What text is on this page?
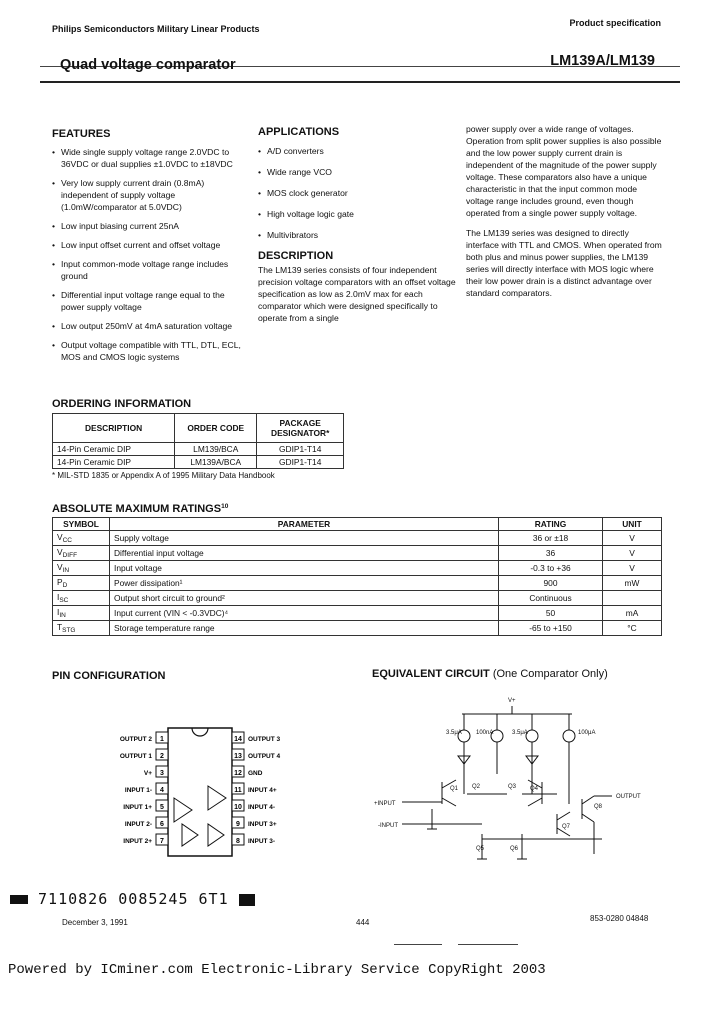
Philips Semiconductors Military Linear Products
Product specification
Quad voltage comparator	LM139A/LM139
FEATURES
• Wide single supply voltage range 2.0VDC to 36VDC or dual supplies ±1.0VDC to ±18VDC
• Very low supply current drain (0.8mA) independent of supply voltage (1.0mW/comparator at 5.0VDC)
• Low input biasing current 25nA
• Low input offset current and offset voltage
• Input common-mode voltage range includes ground
• Differential input voltage range equal to the power supply voltage
• Low output 250mV at 4mA saturation voltage
• Output voltage compatible with TTL, DTL, ECL, MOS and CMOS logic systems
APPLICATIONS
• A/D converters
• Wide range VCO
• MOS clock generator
• High voltage logic gate
• Multivibrators
DESCRIPTION

The LM139 series consists of four independent precision voltage comparators with an offset voltage specification as low as 2.0mV max for each comparator which were designed specifically to operate from a single

power supply over a wide range of voltages. Operation from split power supplies is also possible and the low power supply current drain is independent of the magnitude of the power supply voltage. These comparators also have a unique characteristic in that the input common mode voltage range includes ground, even though operated from a single power supply voltage.

The LM139 series was designed to directly interface with TTL and CMOS. When operated from both plus and minus power supplies, the LM139 series will directly interface with MOS logic where their low power drain is a distinct advantage over standard comparators.

ORDERING INFORMATION
DESCRIPTION	ORDER CODE	PACKAGE DESIGNATOR*
14-Pin Ceramic DIP	LM139/BCA	GDIP1-T14
14-Pin Ceramic DIP	LM139A/BCA	GDIP1-T14
* MIL-STD 1835 or Appendix A of 1995 Military Data Handbook
ABSOLUTE MAXIMUM RATINGS$^{10}$
SYMBOL	PARAMETER	RATING	UNIT
$V_{CC}$	Supply voltage	36 or ±18	V
$V_{DIFF}$	Differential input voltage	36	V
$V_{IN}$	Input voltage	-0.3 to +36	V
$P_D$	Power dissipation¹	900	mW
$I_{SC}$	Output short circuit to ground²	Continuous	
$I_{IN}$	Input current (VIN < -0.3VDC)⁴	50	mA
$T_{STG}$	Storage temperature range	-65 to +150	°C
PIN CONFIGURATION
1
OUTPUT 2
2
OUTPUT 1
3
V+
4
INPUT 1-
5
INPUT 1+
6
INPUT 2-
7
INPUT 2+
14 OUTPUT 3
13 OUTPUT 4
12 GND
11 INPUT 4+
10 INPUT 4-
9 INPUT 3+
8 INPUT 3-
EQUIVALENT CIRCUIT (One Comparator Only)
V+
3.5μA 100nA	3.5μA	100μA
+INPUT
-INPUT
OUTPUT
Q1 Q2	Q3 Q4
Q5	Q6
Q7
Q8
7110826 0085245 6T1
December 3, 1991	444	853-0280 04848
Powered by ICminer.com Electronic-Library Service CopyRight 2003
